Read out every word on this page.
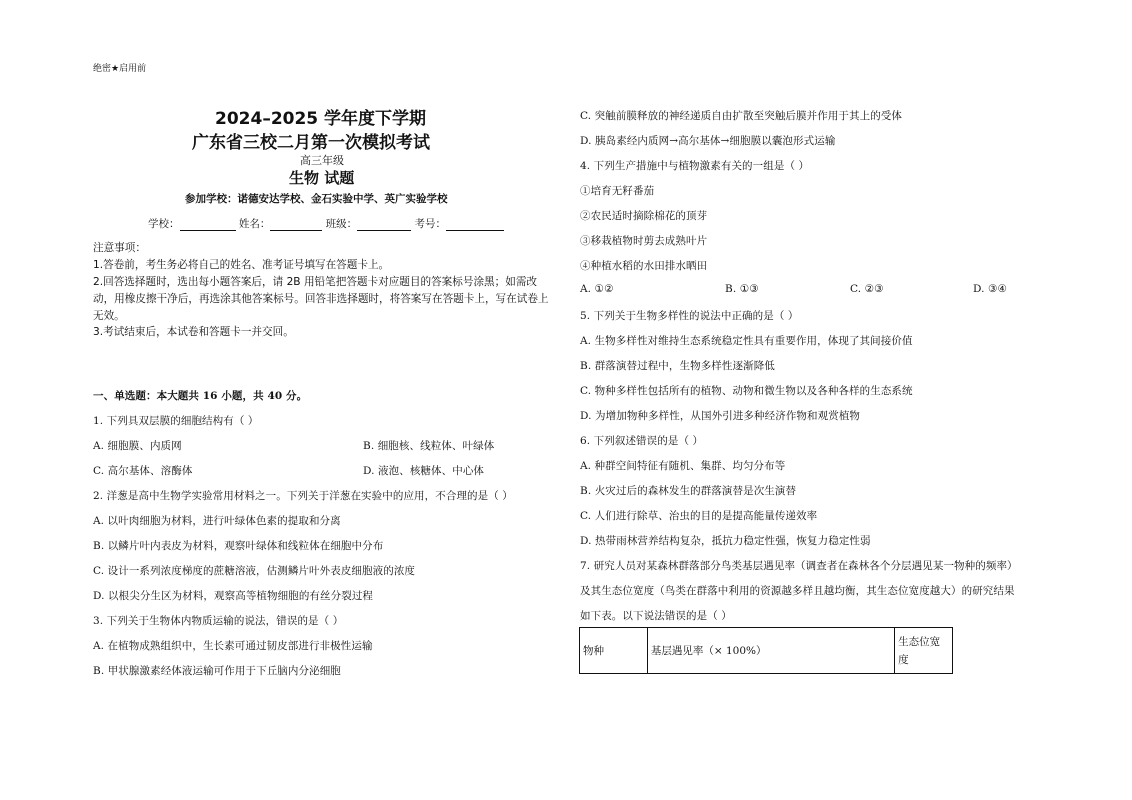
绝密★启用前
2024–2025 学年度下学期
广东省三校二月第一次模拟考试
高三年级
生物 试题
参加学校：诺德安达学校、金石实验中学、英广实验学校
学校：	姓名：	班级：	考号：
注意事项：
1.答卷前，考生务必将自己的姓名、准考证号填写在答题卡上。
2.回答选择题时，选出每小题答案后，请 2B 用铅笔把答题卡对应题目的答案标号涂黑；如需改动，用橡皮擦干净后，再选涂其他答案标号。回答非选择题时，将答案写在答题卡上，写在试卷上无效。
3.考试结束后，本试卷和答题卡一并交回。
一、单选题：本大题共 16 小题，共 40 分。
1. 下列具双层膜的细胞结构有（ ）
A. 细胞膜、内质网	B. 细胞核、线粒体、叶绿体
C. 高尔基体、溶酶体	D. 液泡、核糖体、中心体
2. 洋葱是高中生物学实验常用材料之一。下列关于洋葱在实验中的应用，不合理的是（ ）
A. 以叶肉细胞为材料，进行叶绿体色素的提取和分离
B. 以鳞片叶内表皮为材料，观察叶绿体和线粒体在细胞中分布
C. 设计一系列浓度梯度的蔗糖溶液，估测鳞片叶外表皮细胞液的浓度
D. 以根尖分生区为材料，观察高等植物细胞的有丝分裂过程
3. 下列关于生物体内物质运输的说法，错误的是（ ）
A. 在植物成熟组织中，生长素可通过韧皮部进行非极性运输
B. 甲状腺激素经体液运输可作用于下丘脑内分泌细胞
C. 突触前膜释放的神经递质自由扩散至突触后膜并作用于其上的受体
D. 胰岛素经内质网→高尔基体→细胞膜以囊泡形式运输
4. 下列生产措施中与植物激素有关的一组是（ ）
①培育无籽番茄
②农民适时摘除棉花的顶芽
③移栽植物时剪去成熟叶片
④种植水稻的水田排水晒田
A. ①②	B. ①③	C. ②③	D. ③④
5. 下列关于生物多样性的说法中正确的是（ ）
A. 生物多样性对维持生态系统稳定性具有重要作用，体现了其间接价值
B. 群落演替过程中，生物多样性逐渐降低
C. 物种多样性包括所有的植物、动物和微生物以及各种各样的生态系统
D. 为增加物种多样性，从国外引进多种经济作物和观赏植物
6. 下列叙述错误的是（ ）
A. 种群空间特征有随机、集群、均匀分布等
B. 火灾过后的森林发生的群落演替是次生演替
C. 人们进行除草、治虫的目的是提高能量传递效率
D. 热带雨林营养结构复杂，抵抗力稳定性强，恢复力稳定性弱
7. 研究人员对某森林群落部分鸟类基层遇见率（调查者在森林各个分层遇见某一物种的频率）
及其生态位宽度（鸟类在群落中利用的资源越多样且越均衡，其生态位宽度越大）的研究结果
如下表。以下说法错误的是（ ）
物种	基层遇见率（× 100%）	生态位宽度
